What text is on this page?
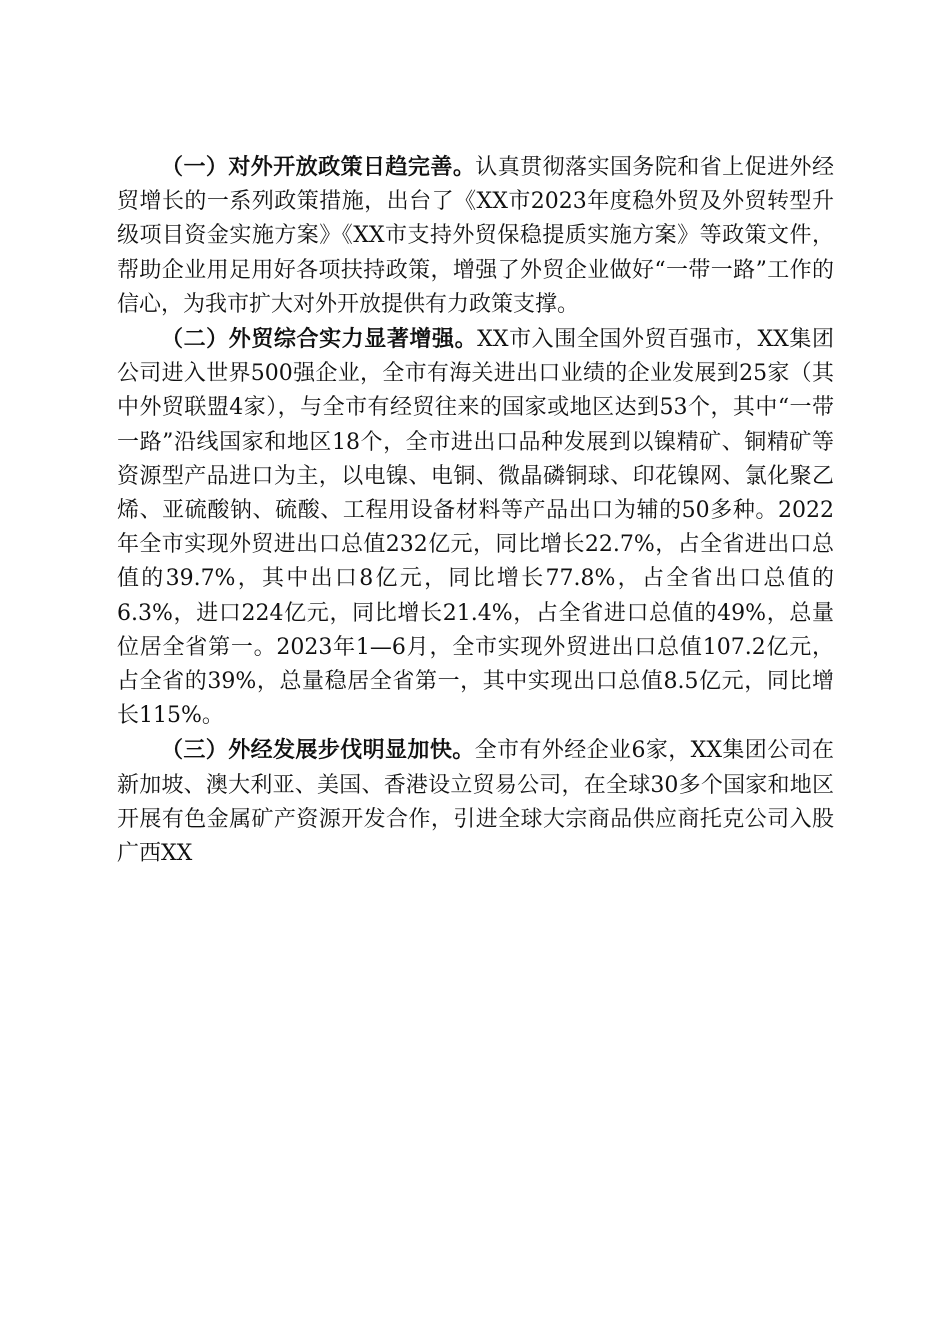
（一）对外开放政策日趋完善。认真贯彻落实国务院和省上促进外经贸增长的一系列政策措施，出台了《XX市2023年度稳外贸及外贸转型升级项目资金实施方案》《XX市支持外贸保稳提质实施方案》等政策文件，帮助企业用足用好各项扶持政策，增强了外贸企业做好“一带一路”工作的信心，为我市扩大对外开放提供有力政策支撑。

（二）外贸综合实力显著增强。XX市入围全国外贸百强市，XX集团公司进入世界500强企业，全市有海关进出口业绩的企业发展到25家（其中外贸联盟4家），与全市有经贸往来的国家或地区达到53个，其中“一带一路”沿线国家和地区18个，全市进出口品种发展到以镍精矿、铜精矿等资源型产品进口为主，以电镍、电铜、微晶磷铜球、印花镍网、氯化聚乙烯、亚硫酸钠、硫酸、工程用设备材料等产品出口为辅的50多种。2022年全市实现外贸进出口总值232亿元，同比增长22.7%，占全省进出口总值的39.7%，其中出口8亿元，同比增长77.8%，占全省出口总值的6.3%，进口224亿元，同比增长21.4%，占全省进口总值的49%，总量位居全省第一。2023年1—6月，全市实现外贸进出口总值107.2亿元，占全省的39%，总量稳居全省第一，其中实现出口总值8.5亿元，同比增长115%。

（三）外经发展步伐明显加快。全市有外经企业6家，XX集团公司在新加坡、澳大利亚、美国、香港设立贸易公司，在全球30多个国家和地区开展有色金属矿产资源开发合作，引进全球大宗商品供应商托克公司入股广西XX
